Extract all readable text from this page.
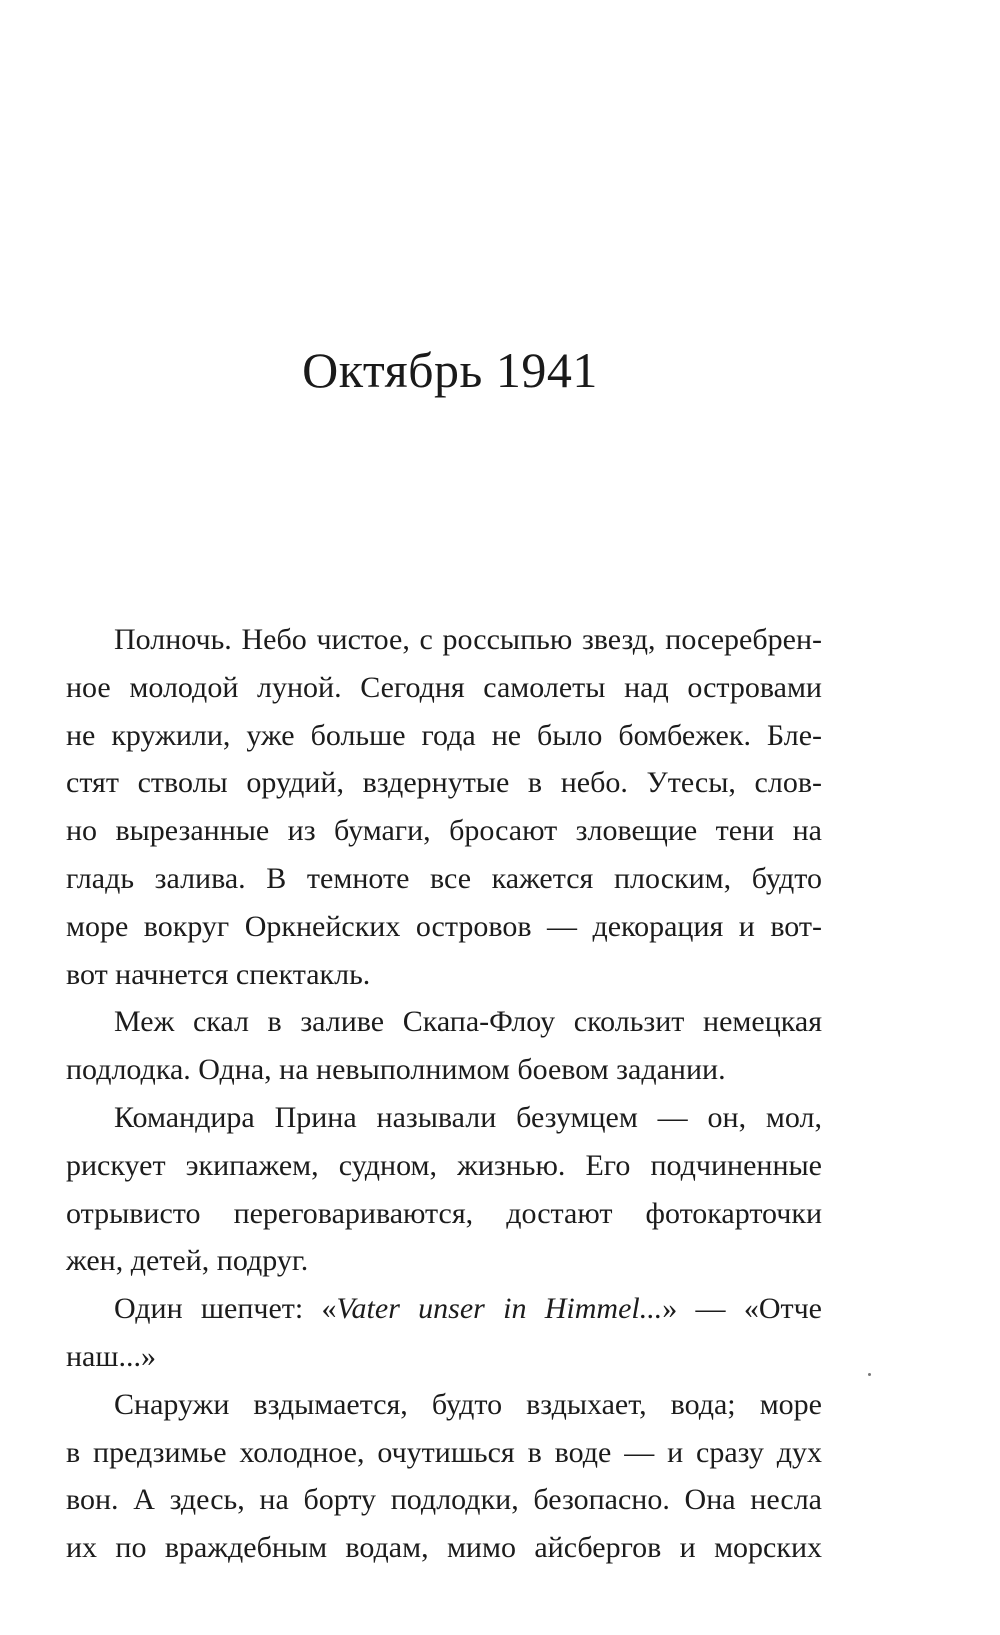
Октябрь 1941
Полночь. Небо чистое, с россыпью звезд, посеребрен-
ное молодой луной. Сегодня самолеты над островами
не кружили, уже больше года не было бомбежек. Бле-
стят стволы орудий, вздернутые в небо. Утесы, слов-
но вырезанные из бумаги, бросают зловещие тени на
гладь залива. В темноте все кажется плоским, будто
море вокруг Оркнейских островов — декорация и вот-
вот начнется спектакль.
Меж скал в заливе Скапа-Флоу скользит немецкая
подлодка. Одна, на невыполнимом боевом задании.
Командира Прина называли безумцем — он, мол,
рискует экипажем, судном, жизнью. Его подчиненные
отрывисто переговариваются, достают фотокарточки
жен, детей, подруг.
Один шепчет: «Vater unser in Himmel...» — «Отче
наш...»
Снаружи вздымается, будто вздыхает, вода; море
в предзимье холодное, очутишься в воде — и сразу дух
вон. А здесь, на борту подлодки, безопасно. Она несла
их по враждебным водам, мимо айсбергов и морских
